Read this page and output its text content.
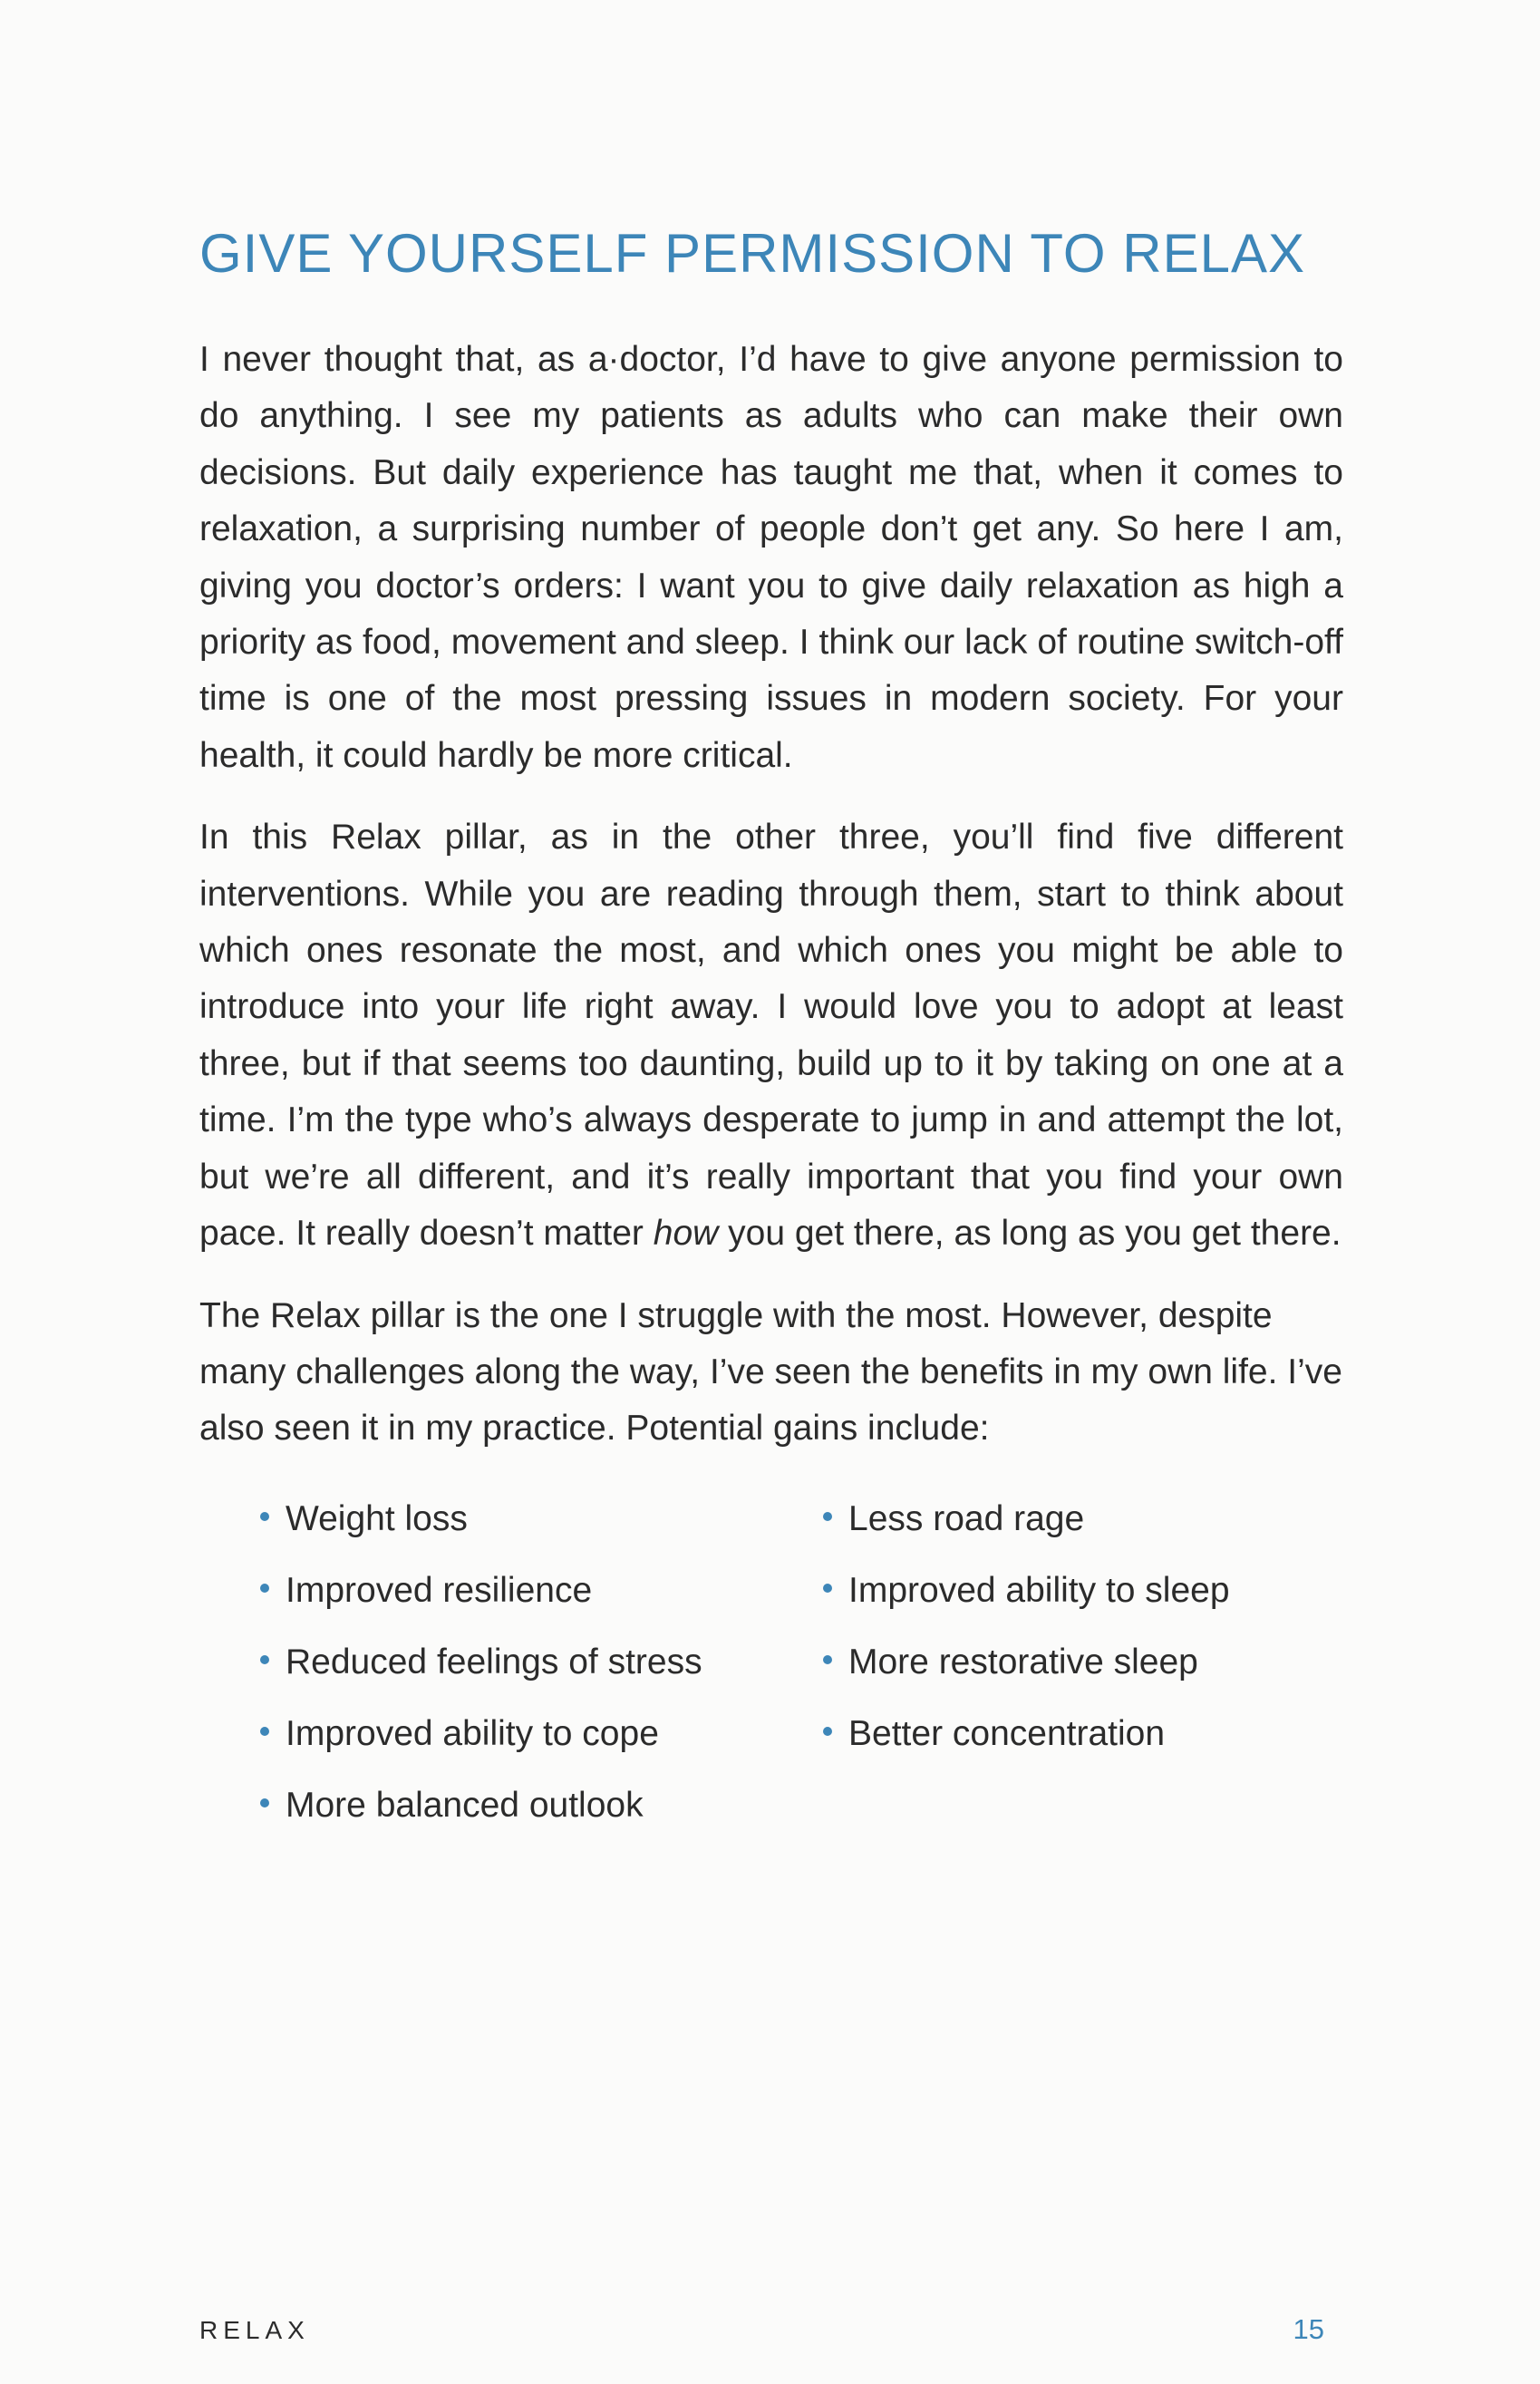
GIVE YOURSELF PERMISSION TO RELAX

I never thought that, as a·doctor, I’d have to give anyone permission to do anything. I see my patients as adults who can make their own decisions. But daily experience has taught me that, when it comes to relaxation, a surprising number of people don’t get any. So here I am, giving you doctor’s orders: I want you to give daily relaxation as high a priority as food, movement and sleep. I think our lack of routine switch-off time is one of the most pressing issues in modern society. For your health, it could hardly be more critical.

In this Relax pillar, as in the other three, you’ll find five different interventions. While you are reading through them, start to think about which ones resonate the most, and which ones you might be able to introduce into your life right away. I would love you to adopt at least three, but if that seems too daunting, build up to it by taking on one at a time. I’m the type who’s always desperate to jump in and attempt the lot, but we’re all different, and it’s really important that you find your own pace. It really doesn’t matter how you get there, as long as you get there.

The Relax pillar is the one I struggle with the most. However, despite many challenges along the way, I’ve seen the benefits in my own life. I’ve also seen it in my practice. Potential gains include:

Weight loss
Improved resilience
Reduced feelings of stress
Improved ability to cope
More balanced outlook
Less road rage
Improved ability to sleep
More restorative sleep
Better concentration
RELAX	15
